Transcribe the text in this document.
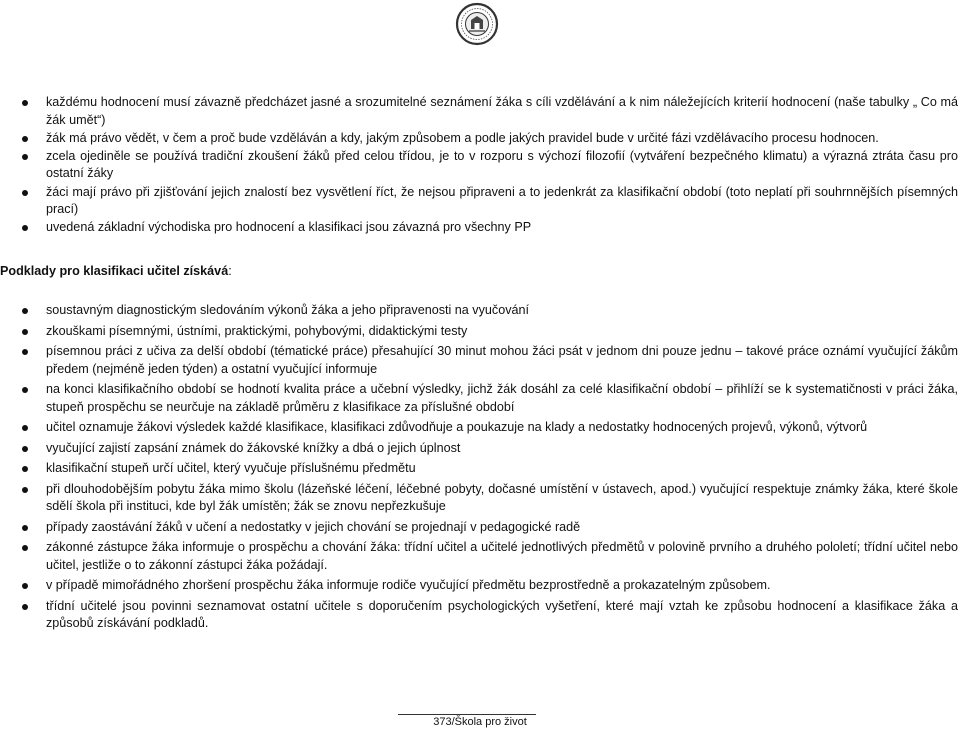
každému hodnocení musí závazně předcházet jasné a srozumitelné seznámení žáka s cíli vzdělávání a k nim náležejících kriterií hodnocení (naše tabulky „ Co má žák umět“)
žák má právo vědět, v čem a proč bude vzděláván a kdy, jakým způsobem a podle jakých pravidel bude v určité fázi vzdělávacího procesu hodnocen.
zcela ojediněle se používá tradiční zkoušení žáků před celou třídou, je to v rozporu s výchozí filozofií (vytváření bezpečného klimatu) a výrazná ztráta času pro ostatní žáky
žáci mají právo při zjišťování jejich znalostí bez vysvětlení říct, že nejsou připraveni a to jedenkrát za klasifikační období (toto neplatí při souhrnnějších písemných prací)
uvedená základní východiska pro hodnocení a klasifikaci jsou závazná pro všechny PP
Podklady pro klasifikaci učitel získává:
soustavným diagnostickým sledováním výkonů žáka a jeho připravenosti na vyučování
zkouškami písemnými, ústními, praktickými, pohybovými, didaktickými testy
písemnou práci z učiva za delší období (tématické práce) přesahující 30 minut mohou žáci psát v jednom dni pouze jednu – takové práce oznámí vyučující žákům předem (nejméně jeden týden) a ostatní vyučující informuje
na konci klasifikačního období se hodnotí kvalita práce a učební výsledky, jichž žák dosáhl za celé klasifikační období – přihlíží se k systematičnosti v práci žáka, stupeň prospěchu se neurčuje na základě průměru z klasifikace za příslušné období
učitel oznamuje žákovi výsledek každé klasifikace, klasifikaci zdůvodňuje a poukazuje na klady a nedostatky hodnocených projevů, výkonů, výtvorů
vyučující zajistí zapsání známek do žákovské knížky a dbá o jejich úplnost
klasifikační stupeň určí učitel, který vyučuje příslušnému předmětu
při dlouhodobějším pobytu žáka mimo školu (lázeňské léčení, léčebné pobyty, dočasné umístění v ústavech, apod.) vyučující respektuje známky žáka, které škole sdělí škola při instituci, kde byl žák umístěn; žák se znovu nepřezkušuje
případy zaostávání žáků v učení a nedostatky v jejich chování se projednají v pedagogické radě
zákonné zástupce žáka informuje o prospěchu a chování žáka: třídní učitel a učitelé jednotlivých předmětů v polovině prvního a druhého pololetí; třídní učitel nebo učitel, jestliže o to zákonní zástupci žáka požádají.
v případě mimořádného zhoršení prospěchu žáka informuje rodiče vyučující předmětu bezprostředně a prokazatelným způsobem.
třídní učitelé jsou povinni seznamovat ostatní učitele s doporučením psychologických vyšetření, které mají vztah ke způsobu hodnocení a klasifikace žáka a způsobů získávání podkladů.
373/Škola pro život
